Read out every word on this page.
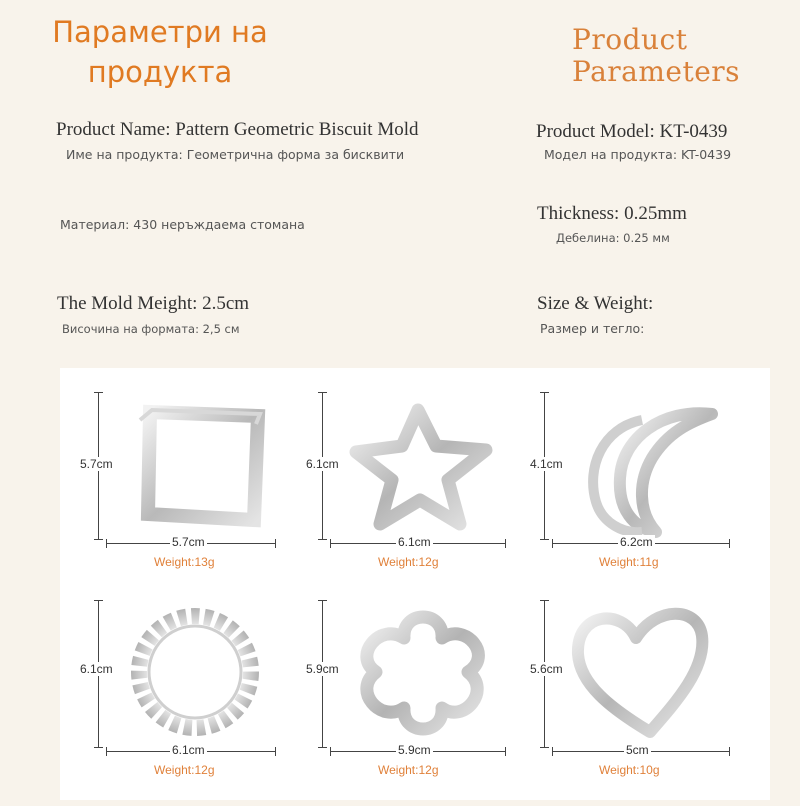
Параметри на
продукта
Product
Parameters
Product Name: Pattern Geometric Biscuit Mold
Име на продукта: Геометрична форма за бисквити
Product Model: KT-0439
Модел на продукта: KT-0439
Материал: 430 неръждаема стомана
Thickness: 0.25mm
Дебелина: 0.25 мм
The Mold Meight: 2.5cm
Височина на формата: 2,5 см
Size & Weight:
Размер и тегло:
5.7cm
5.7cm
Weight:13g
6.1cm
6.1cm
Weight:12g
4.1cm
6.2cm
Weight:11g
6.1cm
6.1cm
Weight:12g
5.9cm
5.9cm
Weight:12g
5.6cm
5cm
Weight:10g
